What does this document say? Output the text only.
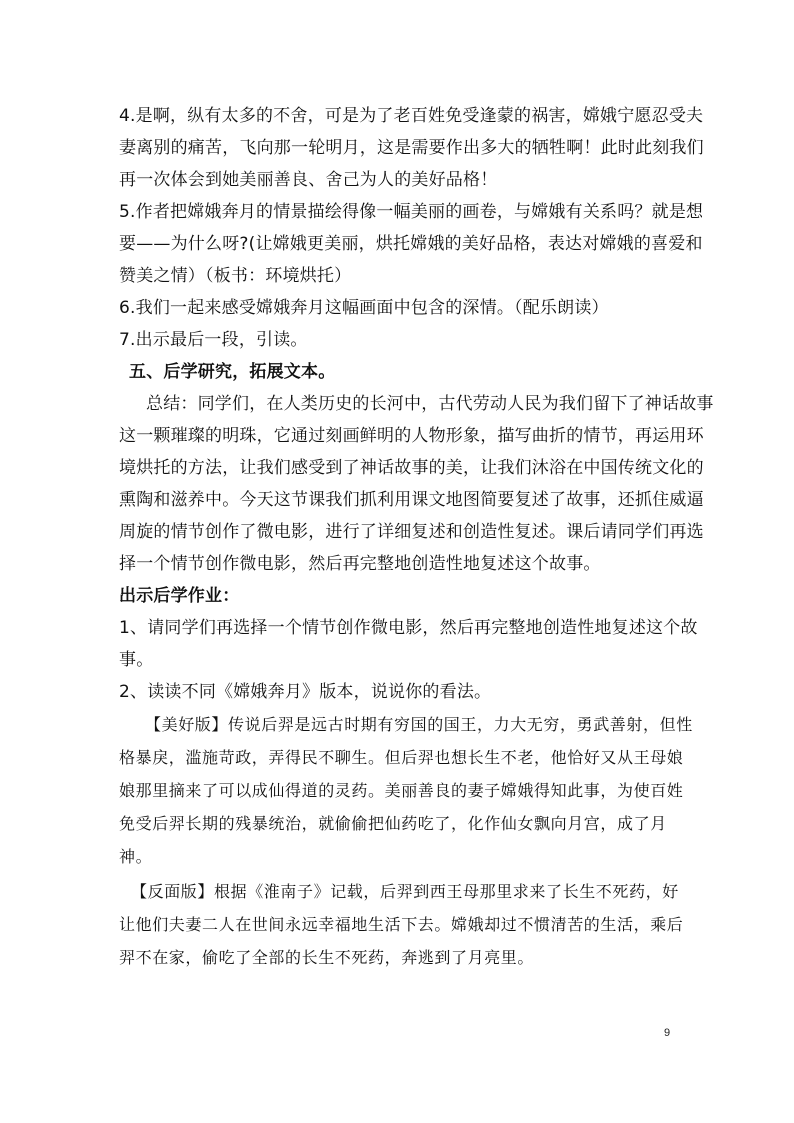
4.是啊，纵有太多的不舍，可是为了老百姓免受逢蒙的祸害，嫦娥宁愿忍受夫
妻离别的痛苦，飞向那一轮明月，这是需要作出多大的牺牲啊！此时此刻我们
再一次体会到她美丽善良、舍己为人的美好品格！
5.作者把嫦娥奔月的情景描绘得像一幅美丽的画卷，与嫦娥有关系吗？就是想
要——为什么呀?(让嫦娥更美丽，烘托嫦娥的美好品格，表达对嫦娥的喜爱和
赞美之情）（板书：环境烘托）
6.我们一起来感受嫦娥奔月这幅画面中包含的深情。（配乐朗读）
7.出示最后一段，引读。
五、后学研究，拓展文本。
总结：同学们，在人类历史的长河中，古代劳动人民为我们留下了神话故事
这一颗璀璨的明珠，它通过刻画鲜明的人物形象，描写曲折的情节，再运用环
境烘托的方法，让我们感受到了神话故事的美，让我们沐浴在中国传统文化的
熏陶和滋养中。今天这节课我们抓利用课文地图简要复述了故事，还抓住威逼
周旋的情节创作了微电影，进行了详细复述和创造性复述。课后请同学们再选
择一个情节创作微电影，然后再完整地创造性地复述这个故事。
出示后学作业：
1、请同学们再选择一个情节创作微电影，然后再完整地创造性地复述这个故
事。
2、读读不同《嫦娥奔月》版本，说说你的看法。
【美好版】传说后羿是远古时期有穷国的国王，力大无穷，勇武善射，但性
格暴戾，滥施苛政，弄得民不聊生。但后羿也想长生不老，他恰好又从王母娘
娘那里摘来了可以成仙得道的灵药。美丽善良的妻子嫦娥得知此事，为使百姓
免受后羿长期的残暴统治，就偷偷把仙药吃了，化作仙女飘向月宫，成了月
神。
【反面版】根据《淮南子》记载，后羿到西王母那里求来了长生不死药，好
让他们夫妻二人在世间永远幸福地生活下去。嫦娥却过不惯清苦的生活，乘后
羿不在家，偷吃了全部的长生不死药，奔逃到了月亮里。
9
